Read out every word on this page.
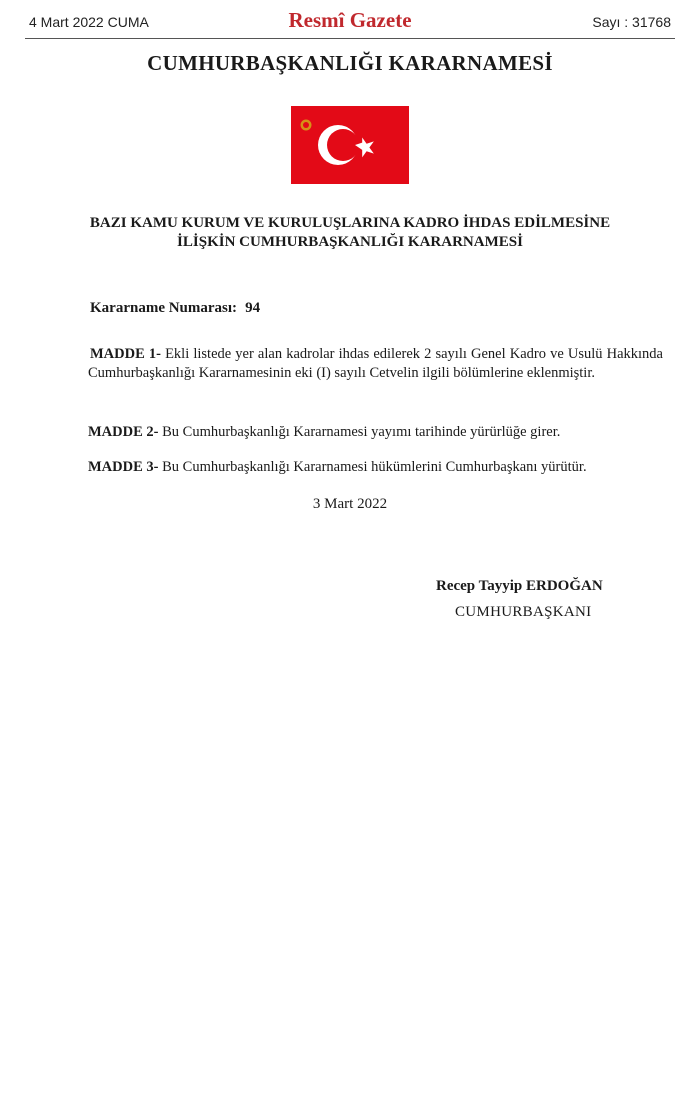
4 Mart 2022 CUMA	Resmî Gazete	Sayı : 31768
CUMHURBAŞKANLIĞI KARARNAMESİ
BAZI KAMU KURUM VE KURULUŞLARINA KADRO İHDAS EDİLMESİNE
İLİŞKİN CUMHURBAŞKANLIĞI KARARNAMESİ
Kararname Numarası: 94
MADDE 1- Ekli listede yer alan kadrolar ihdas edilerek 2 sayılı Genel Kadro ve Usulü Hakkında Cumhurbaşkanlığı Kararnamesinin eki (I) sayılı Cetvelin ilgili bölümlerine eklenmiştir.
MADDE 2- Bu Cumhurbaşkanlığı Kararnamesi yayımı tarihinde yürürlüğe girer.
MADDE 3- Bu Cumhurbaşkanlığı Kararnamesi hükümlerini Cumhurbaşkanı yürütür.
3 Mart 2022
Recep Tayyip ERDOĞAN
CUMHURBAŞKANI
